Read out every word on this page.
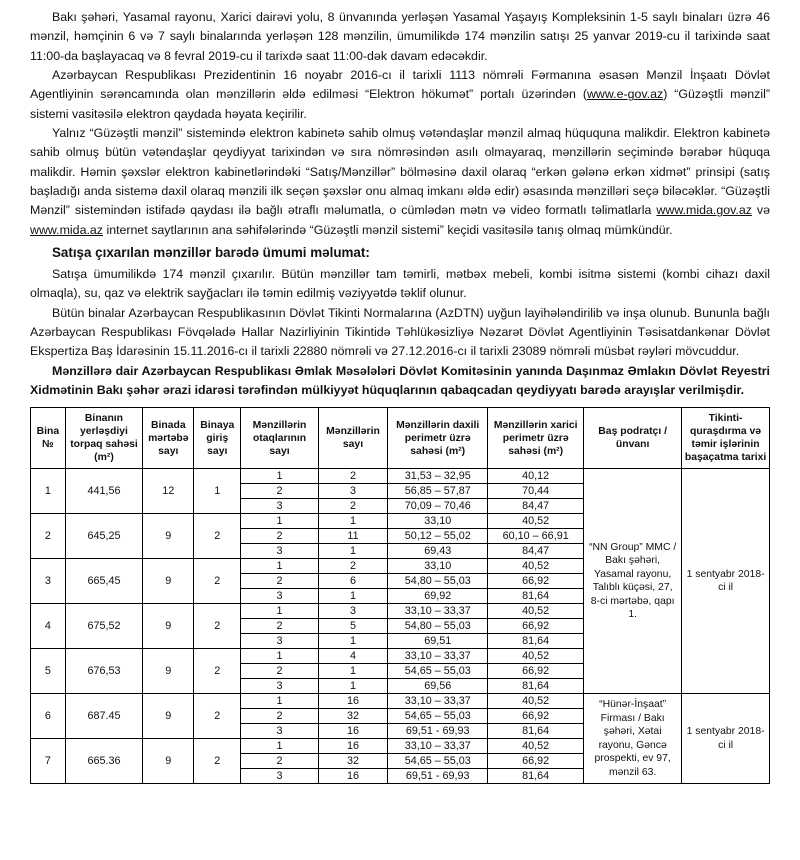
Bakı şəhəri, Yasamal rayonu, Xarici dairəvi yolu, 8 ünvanında yerləşən Yasamal Yaşayış Kompleksinin 1-5 saylı binaları üzrə 46 mənzil, həmçinin 6 və 7 saylı binalarında yerləşən 128 mənzilin, ümumilikdə 174 mənzilin satışı 25 yanvar 2019-cu il tarixində saat 11:00-da başlayacaq və 8 fevral 2019-cu il tarixdə saat 11:00-dək davam edəcəkdir.

Azərbaycan Respublikası Prezidentinin 16 noyabr 2016-cı il tarixli 1113 nömrəli Fərmanına əsasən Mənzil İnşaatı Dövlət Agentliyinin sərəncamında olan mənzillərin əldə edilməsi “Elektron hökumət” portalı üzərindən (www.e-gov.az) “Güzəştli mənzil” sistemi vasitəsilə elektron qaydada həyata keçirilir.

Yalnız “Güzəştli mənzil” sistemində elektron kabinetə sahib olmuş vətəndaşlar mənzil almaq hüququna malikdir. Elektron kabinetə sahib olmuş bütün vətəndaşlar qeydiyyat tarixindən və sıra nömrəsindən asılı olmayaraq, mənzillərin seçimində bərabər hüquqa malikdir. Həmin şəxslər elektron kabinetlərindəki “Satış/Mənzillər” bölməsinə daxil olaraq “erkən gələnə erkən xidmət” prinsipi (satış başladığı anda sistemə daxil olaraq mənzili ilk seçən şəxslər onu almaq imkanı əldə edir) əsasında mənzilləri seçə biləcəklər. “Güzəştli Mənzil” sistemindən istifadə qaydası ilə bağlı ətraflı məlumatla, o cümlədən mətn və video formatlı təlimatlarla www.mida.gov.az və www.mida.az internet saytlarının ana səhifələrində “Güzəştli mənzil sistemi” keçidi vasitəsilə tanış olmaq mümkündür.

Satışa çıxarılan mənzillər barədə ümumi məlumat:

Satışa ümumilikdə 174 mənzil çıxarılır. Bütün mənzillər tam təmirli, mətbəx mebeli, kombi isitmə sistemi (kombi cihazı daxil olmaqla), su, qaz və elektrik sayğacları ilə təmin edilmiş vəziyyətdə təklif olunur.

Bütün binalar Azərbaycan Respublikasının Dövlət Tikinti Normalarına (AzDTN) uyğun layihələndirilib və inşa olunub. Bununla bağlı Azərbaycan Respublikası Fövqəladə Hallar Nazirliyinin Tikintidə Təhlükəsizliyə Nəzarət Dövlət Agentliyinin Təsisatdankənar Dövlət Ekspertiza Baş İdarəsinin 15.11.2016-cı il tarixli 22880 nömrəli və 27.12.2016-cı il tarixli 23089 nömrəli müsbət rəyləri mövcuddur.

Mənzillərə dair Azərbaycan Respublikası Əmlak Məsələləri Dövlət Komitəsinin yanında Daşınmaz Əmlakın Dövlət Reyestri Xidmətinin Bakı şəhər ərazi idarəsi tərəfindən mülkiyyət hüquqlarının qabaqcadan qeydiyyatı barədə arayışlar verilmişdir.

Bina №	Binanın yerləşdiyi torpaq sahəsi (m²)	Binada mərtəbə sayı	Binaya giriş sayı	Mənzillərin otaqlarının sayı	Mənzillərin sayı	Mənzillərin daxili perimetr üzrə sahəsi (m²)	Mənzillərin xarici perimetr üzrə sahəsi (m²)	Baş podratçı / ünvanı	Tikinti-quraşdırma və təmir işlərinin başaçatma tarixi
1	441,56	12	1	1	2	31,53 – 32,95	40,12	“NN Group” MMC / Bakı şəhəri, Yasamal rayonu, Talıblı küçəsi, 27, 8-ci mərtəbə, qapı 1.	1 sentyabr 2018-ci il
				2	3	56,85 – 57,87	70,44		
				3	2	70,09 – 70,46	84,47		
2	645,25	9	2	1	1	33,10	40,52		
				2	11	50,12 – 55,02	60,10 – 66,91		
				3	1	69,43	84,47		
3	665,45	9	2	1	2	33,10	40,52		
				2	6	54,80 – 55,03	66,92		
				3	1	69,92	81,64		
4	675,52	9	2	1	3	33,10 – 33,37	40,52		
				2	5	54,80 – 55,03	66,92		
				3	1	69,51	81,64		
5	676,53	9	2	1	4	33,10 – 33,37	40,52		
				2	1	54,65 – 55,03	66,92		
				3	1	69,56	81,64		
6	687.45	9	2	1	16	33,10 – 33,37	40,52	“Hünər-İnşaat” Firması / Bakı şəhəri, Xətai rayonu, Gəncə prospekti, ev 97, mənzil 63.	1 sentyabr 2018-ci il
				2	32	54,65 – 55,03	66,92		
				3	16	69,51 - 69,93	81,64		
7	665.36	9	2	1	16	33,10 – 33,37	40,52		
				2	32	54,65 – 55,03	66,92		
				3	16	69,51 - 69,93	81,64		
